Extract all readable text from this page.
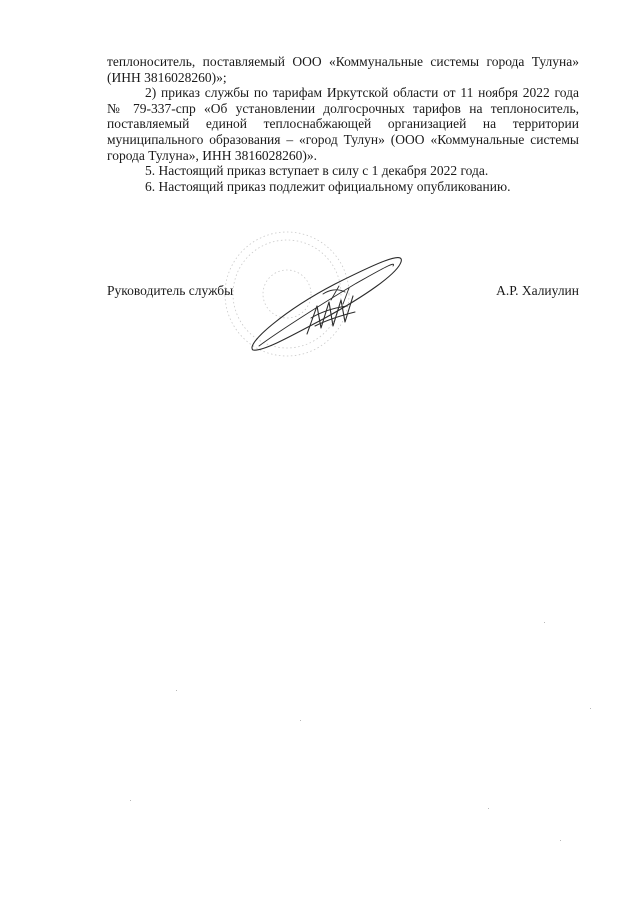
теплоноситель, поставляемый ООО «Коммунальные системы города Тулуна» (ИНН 3816028260)»;

2) приказ службы по тарифам Иркутской области от 11 ноября 2022 года № 79-337-спр «Об установлении долгосрочных тарифов на теплоноситель, поставляемый единой теплоснабжающей организацией на территории муниципального образования – «город Тулун» (ООО «Коммунальные системы города Тулуна», ИНН 3816028260)».

5. Настоящий приказ вступает в силу с 1 декабря 2022 года.

6. Настоящий приказ подлежит официальному опубликованию.

Руководитель службы	А.Р. Халиулин
